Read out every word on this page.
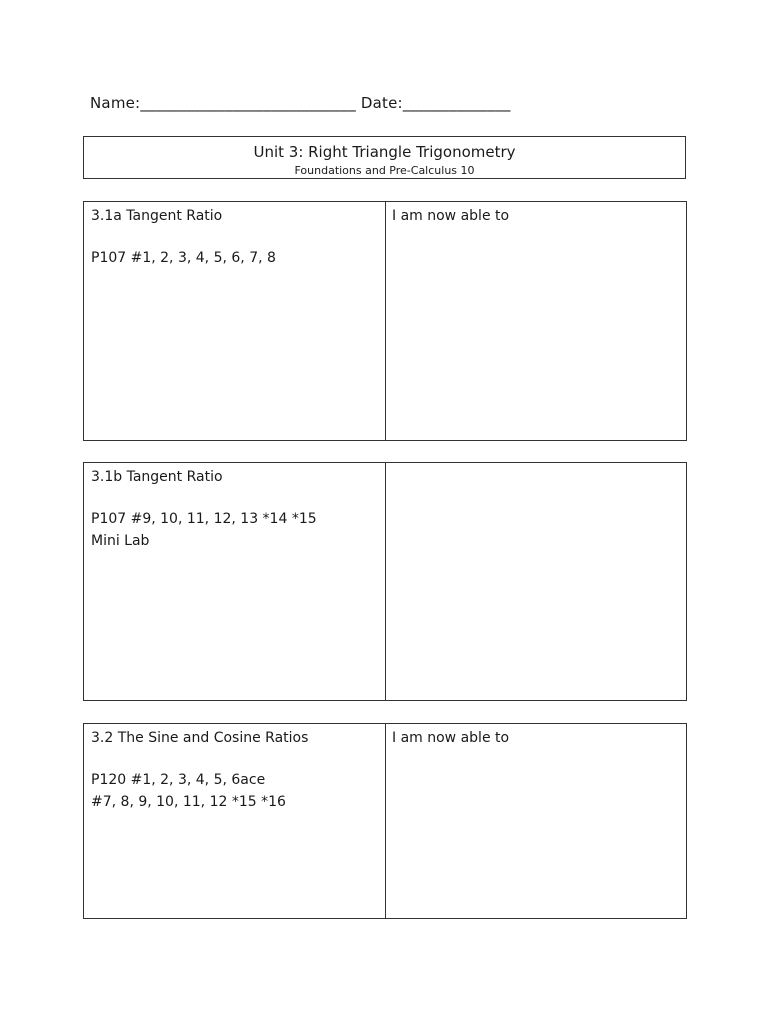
Name:____________________________ Date:______________
Unit 3: Right Triangle Trigonometry
Foundations and Pre-Calculus 10

3.1a Tangent Ratio

P107 #1, 2, 3, 4, 5, 6, 7, 8

I am now able to

3.1b Tangent Ratio

P107 #9, 10, 11, 12, 13 *14 *15

Mini Lab

3.2 The Sine and Cosine Ratios

P120 #1, 2, 3, 4, 5, 6ace

#7, 8, 9, 10, 11, 12 *15 *16

I am now able to
